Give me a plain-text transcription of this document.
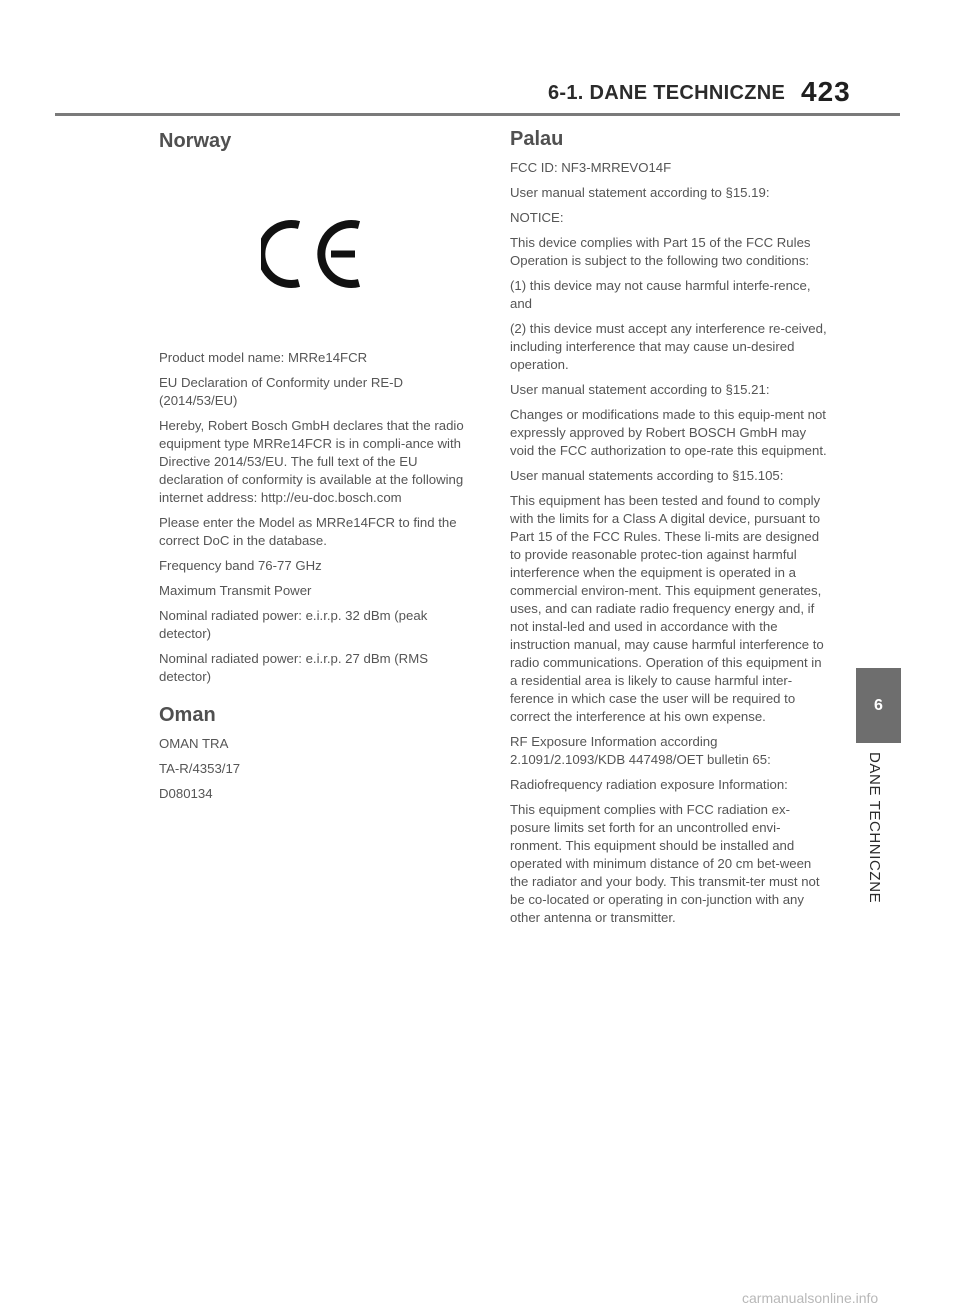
6-1. DANE TECHNICZNE 423
Norway

Product model name: MRRe14FCR

EU Declaration of Conformity under RE-D (2014/53/EU)

Hereby, Robert Bosch GmbH declares that the radio equipment type MRRe14FCR is in compli-ance with Directive 2014/53/EU. The full text of the EU declaration of conformity is available at the following internet address: http://eu-doc.bosch.com

Please enter the Model as MRRe14FCR to find the correct DoC in the database.

Frequency band 76-77 GHz

Maximum Transmit Power

Nominal radiated power: e.i.r.p. 32 dBm (peak detector)

Nominal radiated power: e.i.r.p. 27 dBm (RMS detector)

Oman

OMAN TRA

TA-R/4353/17

D080134

Palau

FCC ID: NF3-MRREVO14F

User manual statement according to §15.19:

NOTICE:

This device complies with Part 15 of the FCC Rules Operation is subject to the following two conditions:

(1) this device may not cause harmful interfe-rence, and

(2) this device must accept any interference re-ceived, including interference that may cause un-desired operation.

User manual statement according to §15.21:

Changes or modifications made to this equip-ment not expressly approved by Robert BOSCH GmbH may void the FCC authorization to ope-rate this equipment.

User manual statements according to §15.105:

This equipment has been tested and found to comply with the limits for a Class A digital device, pursuant to Part 15 of the FCC Rules. These li-mits are designed to provide reasonable protec-tion against harmful interference when the equipment is operated in a commercial environ-ment. This equipment generates, uses, and can radiate radio frequency energy and, if not instal-led and used in accordance with the instruction manual, may cause harmful interference to radio communications. Operation of this equipment in a residential area is likely to cause harmful inter-ference in which case the user will be required to correct the interference at his own expense.

RF Exposure Information according 2.1091/2.1093/KDB 447498/OET bulletin 65:

Radiofrequency radiation exposure Information:

This equipment complies with FCC radiation ex-posure limits set forth for an uncontrolled envi-ronment. This equipment should be installed and operated with minimum distance of 20 cm bet-ween the radiator and your body. This transmit-ter must not be co-located or operating in con-junction with any other antenna or transmitter.

6
DANE TECHNICZNE
carmanualsonline.info
